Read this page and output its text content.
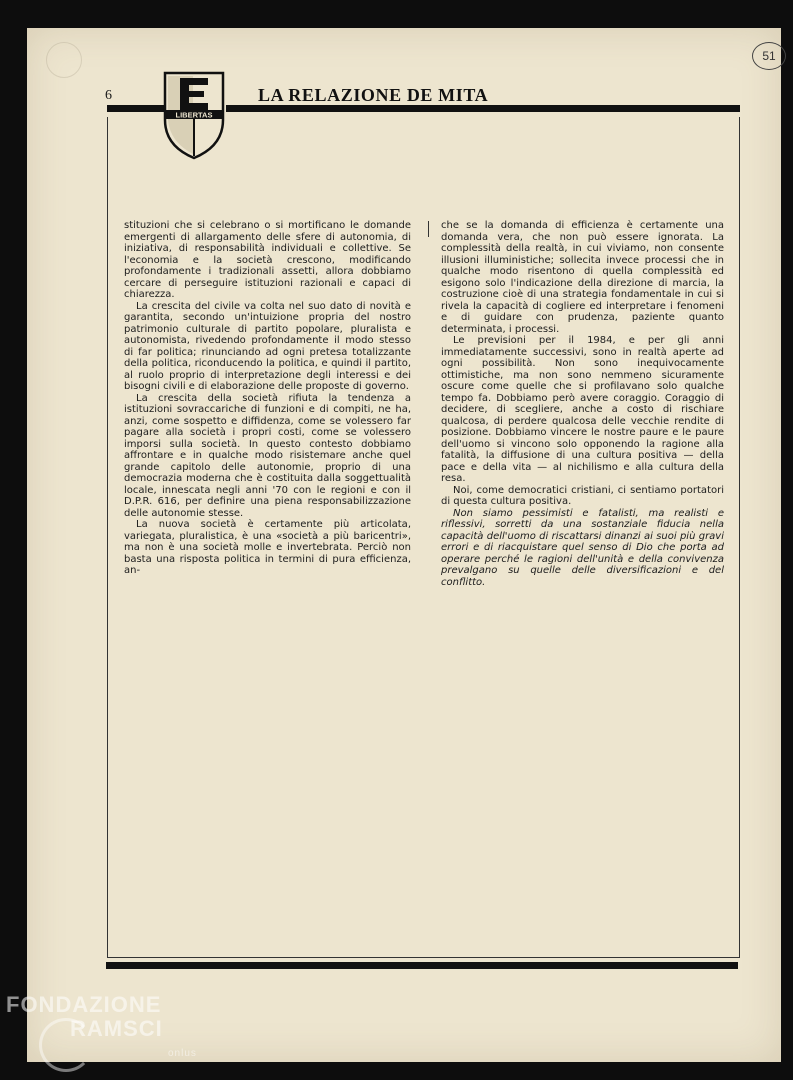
51
6
LIBERTAS
LA RELAZIONE DE MITA

stituzioni che si celebrano o si mortificano le domande emergenti di allargamento delle sfere di autonomia, di iniziativa, di responsabilità individuali e collettive. Se l'economia e la società crescono, modificando profondamente i tradizionali assetti, allora dobbiamo cercare di perseguire istituzioni razionali e capaci di chiarezza.

La crescita del civile va colta nel suo dato di novità e garantita, secondo un'intuizione propria del nostro patrimonio culturale di partito popolare, pluralista e autonomista, rivedendo profondamente il modo stesso di far politica; rinunciando ad ogni pretesa totalizzante della politica, riconducendo la politica, e quindi il partito, al ruolo proprio di interpretazione degli interessi e dei bisogni civili e di elaborazione delle proposte di governo.

La crescita della società rifiuta la tendenza a istituzioni sovraccariche di funzioni e di compiti, ne ha, anzi, come sospetto e diffidenza, come se volessero far pagare alla società i propri costi, come se volessero imporsi sulla società. In questo contesto dobbiamo affrontare e in qualche modo risistemare anche quel grande capitolo delle autonomie, proprio di una democrazia moderna che è costituita dalla soggettualità locale, innescata negli anni '70 con le regioni e con il D.P.R. 616, per definire una piena responsabilizzazione delle autonomie stesse.

La nuova società è certamente più articolata, variegata, pluralistica, è una «società a più baricentri», ma non è una società molle e invertebrata. Perciò non basta una risposta politica in termini di pura efficienza, an-

che se la domanda di efficienza è certamente una domanda vera, che non può essere ignorata. La complessità della realtà, in cui viviamo, non consente illusioni illuministiche; sollecita invece processi che in qualche modo risentono di quella complessità ed esigono solo l'indicazione della direzione di marcia, la costruzione cioè di una strategia fondamentale in cui si rivela la capacità di cogliere ed interpretare i fenomeni e di guidare con prudenza, paziente quanto determinata, i processi.

Le previsioni per il 1984, e per gli anni immediatamente successivi, sono in realtà aperte ad ogni possibilità. Non sono inequivocamente ottimistiche, ma non sono nemmeno sicuramente oscure come quelle che si profilavano solo qualche tempo fa. Dobbiamo però avere coraggio. Coraggio di decidere, di scegliere, anche a costo di rischiare qualcosa, di perdere qualcosa delle vecchie rendite di posizione. Dobbiamo vincere le nostre paure e le paure dell'uomo si vincono solo opponendo la ragione alla fatalità, la diffusione di una cultura positiva — della pace e della vita — al nichilismo e alla cultura della resa.

Noi, come democratici cristiani, ci sentiamo portatori di questa cultura positiva.

Non siamo pessimisti e fatalisti, ma realisti e riflessivi, sorretti da una sostanziale fiducia nella capacità dell'uomo di riscattarsi dinanzi ai suoi più gravi errori e di riacquistare quel senso di Dio che porta ad operare perché le ragioni dell'unità e della convivenza prevalgano su quelle delle diversificazioni e del conflitto.

FONDAZIONE
RAMSCI
onlus
